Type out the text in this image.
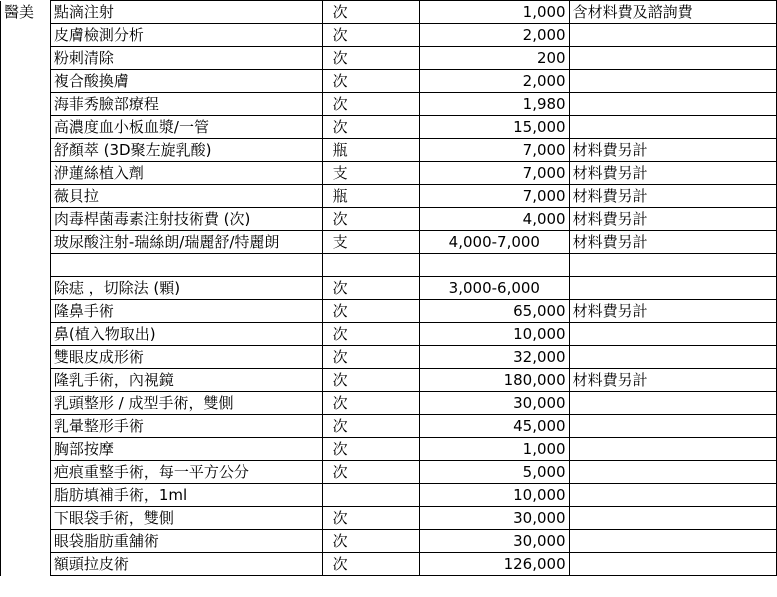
醫美	點滴注射	次	1,000	含材料費及諮詢費
	皮膚檢測分析	次	2,000	
	粉刺清除	次	200	
	複合酸換膚	次	2,000	
	海菲秀臉部療程	次	1,980	
	高濃度血小板血漿/一管	次	15,000	
	舒顏萃 (3D聚左旋乳酸)	瓶	7,000	材料費另計
	洢蓮絲植入劑	支	7,000	材料費另計
	薇貝拉	瓶	7,000	材料費另計
	肉毒桿菌毒素注射技術費 (次)	次	4,000	材料費另計
	玻尿酸注射-瑞絲朗/瑞麗舒/特麗朗	支	4,000-7,000	材料費另計

	除痣 ，切除法 (顆)	次	3,000-6,000	
	隆鼻手術	次	65,000	材料費另計
	鼻(植入物取出)	次	10,000	
	雙眼皮成形術	次	32,000	
	隆乳手術，內視鏡	次	180,000	材料費另計
	乳頭整形 / 成型手術，雙側	次	30,000	
	乳暈整形手術	次	45,000	
	胸部按摩	次	1,000	
	疤痕重整手術，每一平方公分	次	5,000	
	脂肪填補手術，1ml		10,000	
	下眼袋手術，雙側	次	30,000	
	眼袋脂肪重舖術	次	30,000	
	額頭拉皮術	次	126,000	
